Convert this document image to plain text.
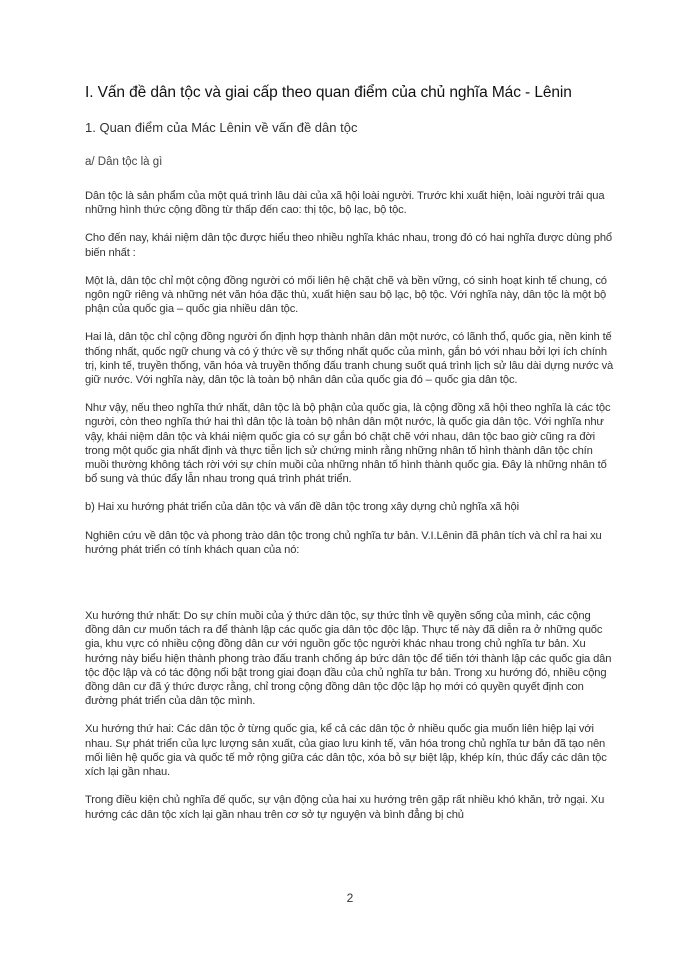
I. Vấn đề dân tộc và giai cấp theo quan điểm của chủ nghĩa Mác - Lênin
1. Quan điểm của Mác Lênin về vấn đề dân tộc
a/ Dân tộc là gì

Dân tộc là sản phẩm của một quá trình lâu dài của xã hội loài người. Trước khi xuất hiện, loài người trải qua những hình thức cộng đồng từ thấp đến cao: thị tộc, bộ lạc, bộ tộc.

Cho đến nay, khái niệm dân tộc được hiểu theo nhiều nghĩa khác nhau, trong đó có hai nghĩa được dùng phổ biến nhất :

Một là, dân tộc chỉ một cộng đồng người có mối liên hệ chặt chẽ và bền vững, có sinh hoạt kinh tế chung, có ngôn ngữ riêng và những nét văn hóa đặc thù, xuất hiện sau bộ lạc, bộ tộc. Với nghĩa này, dân tộc là một bộ phận của quốc gia – quốc gia nhiều dân tộc.

Hai là, dân tộc chỉ cộng đồng người ổn định hợp thành nhân dân một nước, có lãnh thổ, quốc gia, nền kinh tế thống nhất, quốc ngữ chung và có ý thức về sự thống nhất quốc của mình, gắn bó với nhau bởi lợi ích chính trị, kinh tế, truyền thống, văn hóa và truyền thống đấu tranh chung suốt quá trình lịch sử lâu dài dựng nước và giữ nước. Với nghĩa này, dân tộc là toàn bộ nhân dân của quốc gia đó – quốc gia dân tộc.

Như vậy, nếu theo nghĩa thứ nhất, dân tộc là bộ phận của quốc gia, là cộng đồng xã hội theo nghĩa là các tộc người, còn theo nghĩa thứ hai thì dân tộc là toàn bộ nhân dân một nước, là quốc gia dân tộc. Với nghĩa như vậy, khái niệm dân tộc và khái niệm quốc gia có sự gắn bó chặt chẽ với nhau, dân tộc bao giờ cũng ra đời trong một quốc gia nhất định và thực tiễn lịch sử chứng minh rằng những nhân tố hình thành dân tộc chín muồi thường không tách rời với sự chín muồi của những nhân tố hình thành quốc gia. Đây là những nhân tố bổ sung và thúc đẩy lẫn nhau trong quá trình phát triển.

b) Hai xu hướng phát triển của dân tộc và vấn đề dân tộc trong xây dựng chủ nghĩa xã hội

Nghiên cứu về dân tộc và phong trào dân tộc trong chủ nghĩa tư bản. V.I.Lênin đã phân tích và chỉ ra hai xu hướng phát triển có tính khách quan của nó:

Xu hướng thứ nhất: Do sự chín muồi của ý thức dân tộc, sự thức tỉnh về quyền sống của mình, các cộng đồng dân cư muốn tách ra để thành lập các quốc gia dân tộc độc lập. Thực tế này đã diễn ra ở những quốc gia, khu vực có nhiều cộng đồng dân cư với nguồn gốc tộc người khác nhau trong chủ nghĩa tư bản. Xu hướng này biểu hiện thành phong trào đấu tranh chống áp bức dân tộc để tiến tới thành lập các quốc gia dân tộc độc lập và có tác động nổi bật trong giai đoạn đầu của chủ nghĩa tư bản. Trong xu hướng đó, nhiều cộng đồng dân cư đã ý thức được rằng, chỉ trong cộng đồng dân tộc độc lập họ mới có quyền quyết định con đường phát triển của dân tộc mình.

Xu hướng thứ hai: Các dân tộc ở từng quốc gia, kể cả các dân tộc ở nhiều quốc gia muốn liên hiệp lại với nhau. Sự phát triển của lực lượng sản xuất, của giao lưu kinh tế, văn hóa trong chủ nghĩa tư bản đã tạo nên mối liên hệ quốc gia và quốc tế mở rộng giữa các dân tộc, xóa bỏ sự biệt lập, khép kín, thúc đẩy các dân tộc xích lại gần nhau.

Trong điều kiện chủ nghĩa đế quốc, sự vận động của hai xu hướng trên gặp rất nhiều khó khăn, trở ngại. Xu hướng các dân tộc xích lại gần nhau trên cơ sở tự nguyện và bình đẳng bị chủ

2
